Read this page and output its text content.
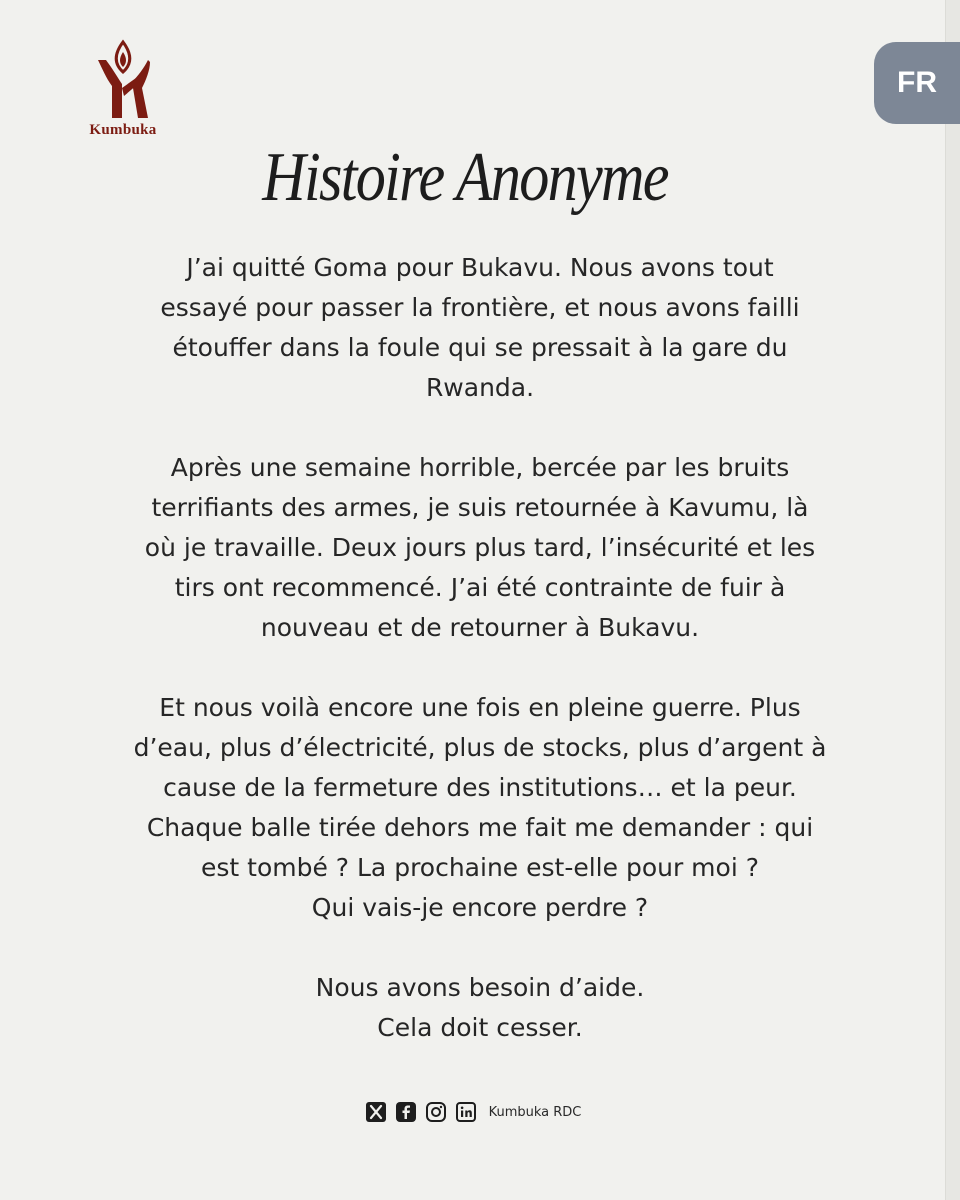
Kumbuka
FR
Histoire Anonyme

J’ai quitté Goma pour Bukavu. Nous avons tout
essayé pour passer la frontière, et nous avons failli
étouffer dans la foule qui se pressait à la gare du
Rwanda.

Après une semaine horrible, bercée par les bruits
terrifiants des armes, je suis retournée à Kavumu, là
où je travaille. Deux jours plus tard, l’insécurité et les
tirs ont recommencé. J’ai été contrainte de fuir à
nouveau et de retourner à Bukavu.

Et nous voilà encore une fois en pleine guerre. Plus
d’eau, plus d’électricité, plus de stocks, plus d’argent à
cause de la fermeture des institutions… et la peur.
Chaque balle tirée dehors me fait me demander : qui
est tombé ? La prochaine est-elle pour moi ?
Qui vais-je encore perdre ?

Nous avons besoin d’aide.
Cela doit cesser.

Kumbuka RDC
